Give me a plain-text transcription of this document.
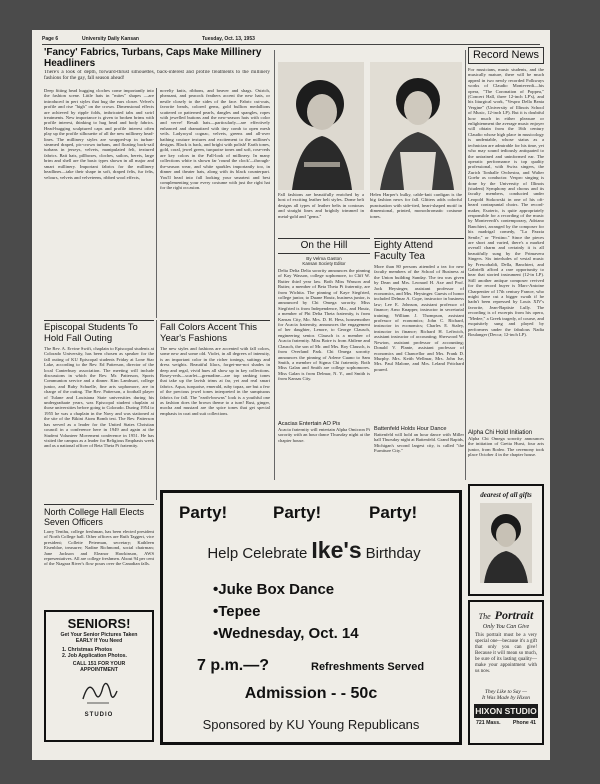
Page 6	University Daily Kansan	Tuesday, Oct. 13, 1953
'Fancy' Fabrics, Turbans, Caps Make Millinery Headliners
There's a look of depth, forward-thrust silhouettes, back-interest and profile treatments to the millinery fashions for the gay, fall season ahead!
Deep fitting head hugging cloches come importantly into the fashion scene. Little hats in "mites" shapes —are introduced in pert styles that hug the ears closer. Velvet's profile and rise "high" on the crown. Dimensional effects are achieved by ripple folds, imbricated tabs and swirl treatments. New importance is given to broken brims with profile interest, thinking to hug head and body fabrics. Head-hugging sculptured caps and profile interest often play up the profile silhouette of all the new millinery head-lines. The millinery styles are wrapped-up in turban-steamed draped, pic-crown turbans, and floating back-sail turbans in jerseys, velvets, manipulated felt, textured fabrics. Bait hats, pillboxes, cloches, sailors, berets, large brim and shell are the basic types shown in all major and smart millinery. Important fabrics for the millinery headlines—take their shape in soft, draped felts, fur felts, velours, velvets and velveteens, ribbed wool effects,
novelty knits, ribbons, and beaver and shags. Ostrich, pheasant, and peacock feathers accent the new hats, or nestle closely to the sides of the face. Fabric cut-outs, favorite beads, colored gems, gold bullion medallions scattered or patterned pearls, dangles and spangles, ropes with jewelled buttons and the new-season hats with color and verve! Result hats—particularly—are effectively enhanced and dramatized with tiny comb to open mesh veils. Ladyroyal cognac, velvets, greens and all-over bathing couture textures and excitement to the milliner's designs. Black is back, and bright with polish! Earth tones, gold, coral, jewel green, turquoise tones and soft, rose-reds are key colors in the Fall-look of millinery. In many collections white is shown far 'round the clock'—through-the-season wear, and white sparkles importantly too, in dinner and theater hats, along with its black counterpart. You'll head into fall looking your smartest and best complementing your every costume with just the right hat for the right occasion.
Fall fashions are beautifully enriched by a host of exciting leather belt styles. Dome belt designs all types of leather belts in contours and straight lines and brightly trimmed in metal-gold and "gems."
Helen Harper's bulky, cable-knit cardigan is the big fashion news for fall. Glitters adds colorful punctuation with side-tied, heart-shaped motif in dimensional, printed, monochromatic costume tones.
Record News
For musicians, music students, and the musically mature, there will be much appeal in two newly recorded Folkways works of Claudio Monteverdi—his opera, "The Coronation of Poppea," (Concert Hall, three 12-inch LP's), and his liturgical work, "Vespro Della Beata Vergine" (University of Illinois School of Music, 12-inch LP). But it is doubtful how much in either pleasure or enlightenment the average music enjoyer will obtain from the 16th century Claudio whose high place in musicology is undeniable, whose status as a technician are admirable for his time, yet who may sound tediously antiquated to the untrained and uninformed ear. The operatic performance is top quality professional, with Swiss singers, the Zurich Tonhalle Orchestra, and Walter Goehr as conductor. Vespro singing is done by the University of Illinois (student) Symphony and chorus and its faculty members, conducted under Leopold Stokowski in one of his oft-heard contrapuntal choirs. The record-maker, Esoteric, is quite appropriately responsible for a recording of the music by Monteverdi's contemporary, Adriano Banchieri, arranged by the composer for his madrigal comedy, "La Pazzia Senile," or "Festino." Since the pieces are short and varied, there's a marked overall charm and certainly it is all beautifully sung by the Primavera Singers. Six interludes of vestal music by Frescobaldi, Della, Banchieri, and Gabrielli afford a rare opportunity to hear that storied instrument (12-in LP). Still another antique composer revived for the record buyer is Marc-Antoine Charpentier of 17th century France, who might have cut a bigger swath if he hadn't been repressed by Louis XIV's favorite, Jean-Baptiste Lully. The recording is of excerpts from his opera, "Medee," a Greek tragedy, of course, and exquisitely sung and played by performers under the fabulous Nadia Boulanger (Decca; 12-inch LP).
On the Hill
By Velma Gaston
Kansan Society Editor
Delta Delta Delta sorority announces the pinning of Kay Wasson, college sophomore, to Cliff W. Rutter third year law. Both Miss Wasson and Rutter, a member of Beta Theta Pi fraternity, are from Wichita. The pinning of Kaye Siegfried, college junior, to Duane Houtz, business junior, is announced by Chi Omega sorority. Miss Siegfried is from Independence, Mo., and Houtz, a member of Phi Delta Theta fraternity, is from Kansas City, Mo. Mrs. D. H. Hess, housemother for Acacia fraternity, announces the engagement of her daughter, Lenore, to George Clausch, engineering senior. Clausch is a member of Acacia fraternity. Miss Boire is from Abilene and Clausch, the son of Mr. and Mrs. Roy Clausch, is from Overland Park. Chi Omega sorority announces the pinning of Arlene Cuano to Sam Smith, a member of Sigma Chi fraternity. Both Miss Galan and Smith are college sophomores. Miss Galan is from Delmar, N. Y., and Smith is from Kansas City.
Acacias Entertain AO Pis
Acacia fraternity will entertain Alpha Omicron Pi sorority with an hour dance Thursday night at the chapter house.
Eighty Attend Faculty Tea
More than 80 persons attended a tea for new faculty members of the School of Business at the Union building Sunday. The tea was given by Dean and Mrs. Leonard H. Axe and Prof. Jack Heysinger, assistant professor of economics, and Mrs. Heysinger. Guests of honor included Delmar A. Cope, instructor in business law; Lee E. Johnson, assistant professor of finance; Arno Knapper, instructor in secretarial training; William J. Thompson, assistant professor of economics; John C. Richard, instructor in economics; Charles E. Staley, instructor in finance; Richard H. Leftwich, assistant instructor of accounting; Sherwood W. Newton, assistant professor of accounting; Donald V. Plante, assistant professor of economics and Chancellor and Mrs. Frank D. Murphy. Mrs. Keith Wellmar, Mrs. John Ise, Mrs. Paul Malone, and Mrs. Leland Pritchard poured.
Battenfeld Holds Hour Dance
Battenfeld will hold an hour dance with Miller hall Thursday night at Battenfeld. Grand Rapids, Michigan's second largest city, is called "the Furniture City."
Alpha Chi Hold Initiation
Alpha Chi Omega sorority announces the initiation of Gretta Hurst, four arts junior, from Rodeo. The ceremony took place October 4 in the chapter house.
Episcopal Students To Hold Fall Outing
The Rev. A. Ervine Swift, chaplain to Episcopal students at Colorado University, has been chosen as speaker for the fall outing of KU Episcopal students Friday at Lone Star Lake, according to the Rev. Ed Patterson, director of the local Canterbury association. The meeting will include discussions in which the Rev. Mr. Patterson, Sports Communion service and a dinner. Kim Lambsart, college junior, and Ruby Schuelle, fine arts sophomore, are in charge of the outing. The Rev. Patterson, a football player of Tulane and Louisiana State universities during his undergraduate years, was Episcopal student chaplain at those universities before going to Colorado. During 1954 to 1955 he was a chaplain in the Navy and was stationed at the site of the Bikini Atom Bomb test. The Rev. Patterson has served as a leader for the United States Christian council in a conference here in 1949 and again at the Student Volunteer Movement conference in 1951. He has visited the campus as a leader for Religious Emphasis week and as a national officer of Beta Theta Pi fraternity.
Fall Colors Accent This Year's Fashions
The new styles and fashions are accented with fall colors, some new and some old. Violet, in all degrees of intensity, is an important color in the richer tonings, suitings and dress weights. Beautiful lilacs, forget-me-not shades in deep and regal, vivid hues all show up in key collections. Rosey-reds—scarlet—grenadine—are top ranking tones that take up the lavish trims at far, yet and real smart fabrics. Aqua, turquoise, emerald, ruby topaz, are but a few of the precious jewel tones interpreted in the sumptuous fabrics for fall. The "earth-browns" look is a youthful one as fashion does the brown theme to a turn! Rust, ginger, mocha and mustard are the spice tones that get special emphasis in coat and suit collections.
North College Hall Elects Seven Officers
Larry Tenthu, college freshman, has been elected president of North College hall. Other officers are Ruth Taggert, vice president; Collette Peterman, secretary; Kathleen Eisenblae, treasurer; Nadine Richmond, social chairman; Jane Jackson and Eleanor Hawkinson, AWS representatives. All are college freshmen. About 94 per cent of the Niagara River's flow pours over the Canadian falls.
SENIORS!
Get Your Senior Pictures Taken EARLY If You Need
1. Christmas Photos
2. Job Application Photos.
CALL 151 FOR YOUR APPOINTMENT
STUDIO
Party!	Party!	Party!
Help Celebrate Ike's Birthday
•Juke Box Dance
•Tepee
•Wednesday, Oct. 14
7 p.m.—?	Refreshments Served
Admission - - 50c
Sponsored by KU Young Republicans
dearest of all gifts
The Portrait
Only You Can Give
This portrait must be a very special one—because it's a gift that only you can give! Because it will mean so much, be sure of its lasting quality—make your appointment with us now.
They Like to Say —
It Was Made by Hixon
HIXON STUDIO
721 Mass. Phone 41
